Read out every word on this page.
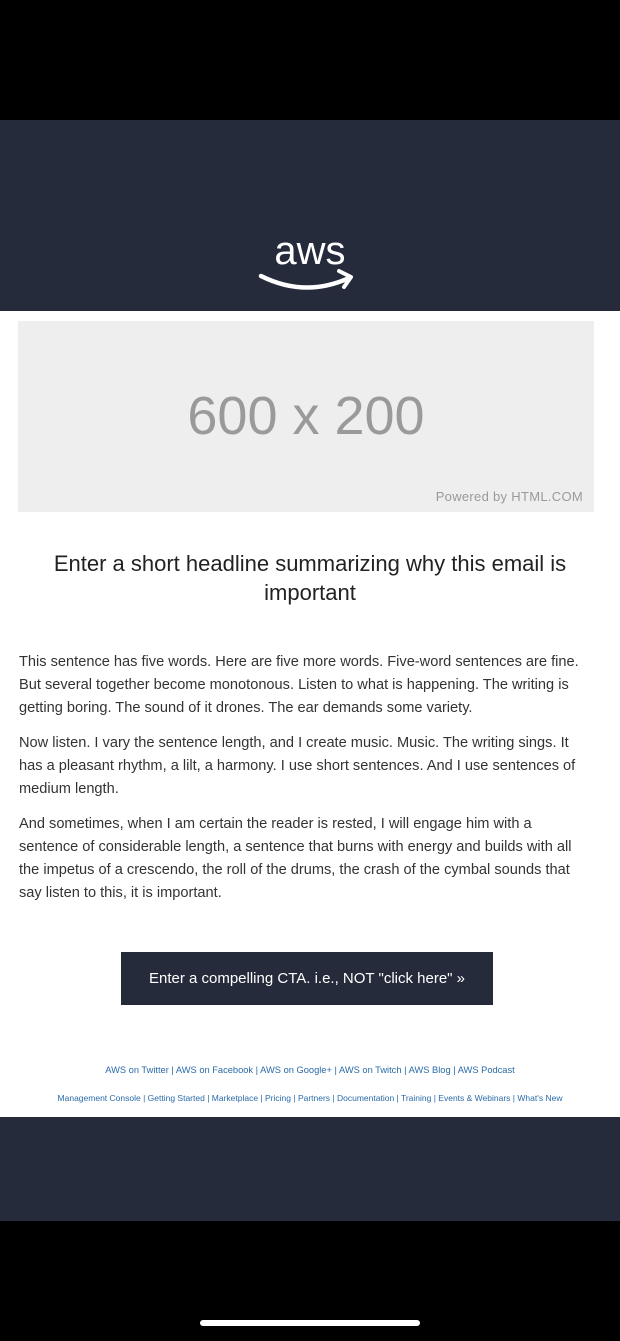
aws
600 x 200
Powered by HTML.COM
Enter a short headline summarizing why this email is important

This sentence has five words. Here are five more words. Five-word sentences are fine. But several together become monotonous. Listen to what is happening. The writing is getting boring. The sound of it drones. The ear demands some variety.

Now listen. I vary the sentence length, and I create music. Music. The writing sings. It has a pleasant rhythm, a lilt, a harmony. I use short sentences. And I use sentences of medium length.

And sometimes, when I am certain the reader is rested, I will engage him with a sentence of considerable length, a sentence that burns with energy and builds with all the impetus of a crescendo, the roll of the drums, the crash of the cymbal sounds that say listen to this, it is important.

Enter a compelling CTA. i.e., NOT "click here" »
AWS on Twitter | AWS on Facebook | AWS on Google+ | AWS on Twitch | AWS Blog | AWS Podcast
Management Console | Getting Started | Marketplace | Pricing | Partners | Documentation | Training | Events & Webinars | What's New
